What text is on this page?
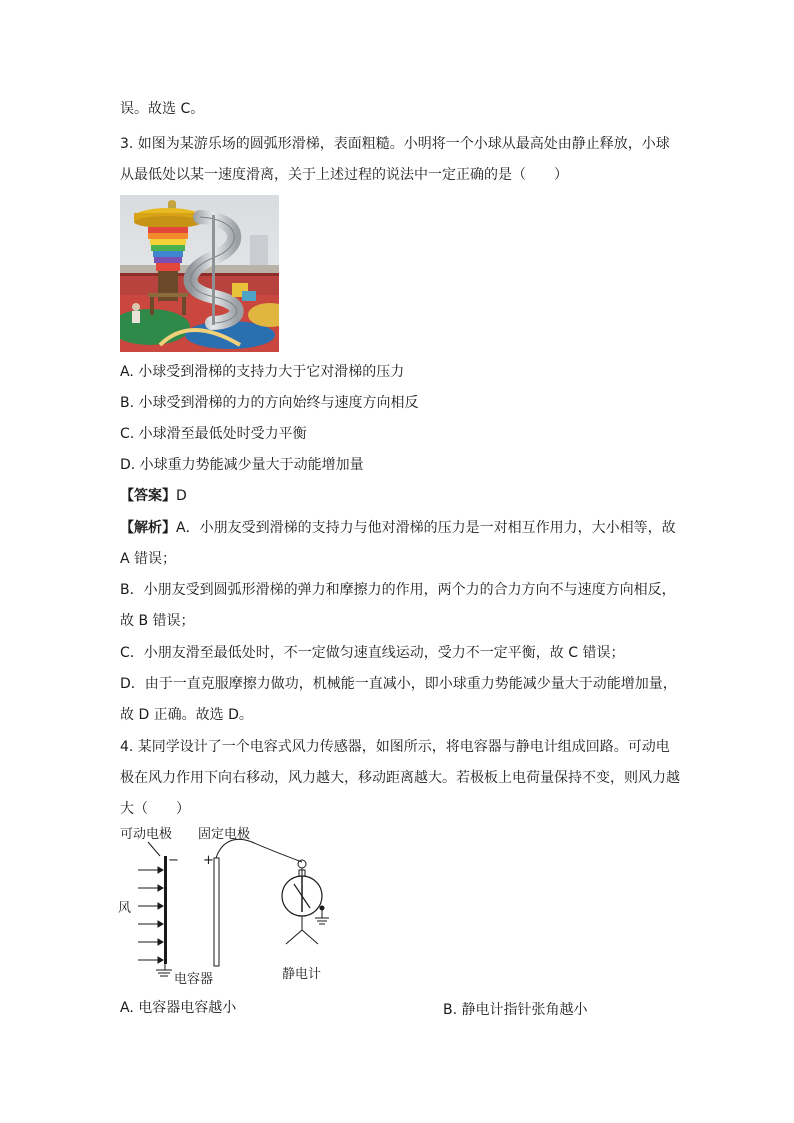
误。故选 C。
3. 如图为某游乐场的圆弧形滑梯，表面粗糙。小明将一个小球从最高处由静止释放，小球
从最低处以某一速度滑离，关于上述过程的说法中一定正确的是（　　）
A. 小球受到滑梯的支持力大于它对滑梯的压力
B. 小球受到滑梯的力的方向始终与速度方向相反
C. 小球滑至最低处时受力平衡
D. 小球重力势能减少量大于动能增加量
【答案】D
【解析】A．小朋友受到滑梯的支持力与他对滑梯的压力是一对相互作用力，大小相等，故
A 错误；
B．小朋友受到圆弧形滑梯的弹力和摩擦力的作用，两个力的合力方向不与速度方向相反，
故 B 错误；
C．小朋友滑至最低处时，不一定做匀速直线运动，受力不一定平衡，故 C 错误；
D．由于一直克服摩擦力做功，机械能一直减小，即小球重力势能减少量大于动能增加量，
故 D 正确。故选 D。
4. 某同学设计了一个电容式风力传感器，如图所示，将电容器与静电计组成回路。可动电
极在风力作用下向右移动，风力越大，移动距离越大。若极板上电荷量保持不变，则风力越
大（　　）
可动电极 固定电极
− +
风
电容器	静电计
A. 电容器电容越小	B. 静电计指针张角越小
